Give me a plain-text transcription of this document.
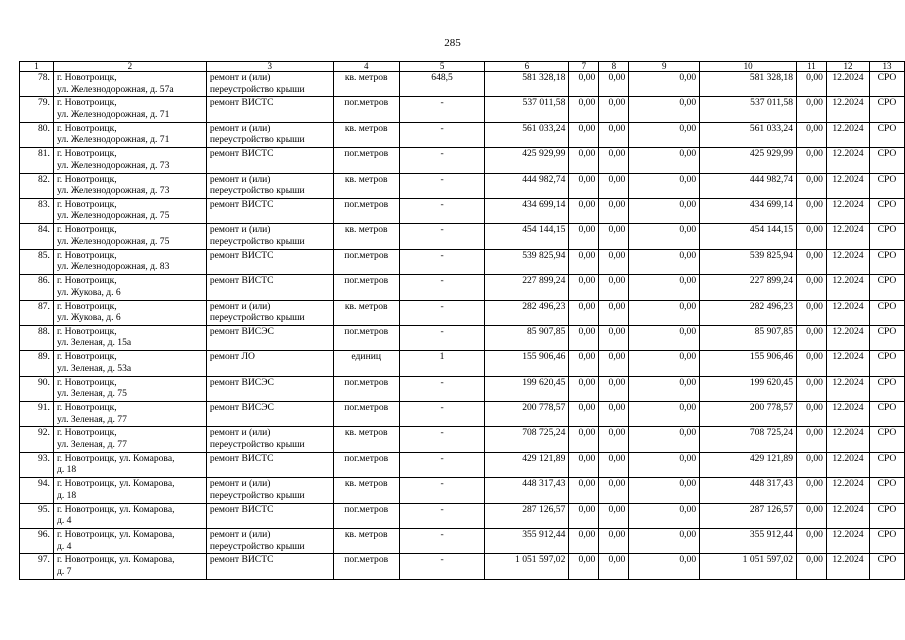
285
1	2	3	4	5	6	7	8	9	10	11	12	13
78.	г. Новотроицк,
ул. Железнодорожная, д. 57а	ремонт и (или)
переустройство крыши	кв. метров	648,5	581 328,18	0,00	0,00	0,00	581 328,18	0,00	12.2024	СРО
79.	г. Новотроицк,
ул. Железнодорожная, д. 71	ремонт ВИСТС	пог.метров	-	537 011,58	0,00	0,00	0,00	537 011,58	0,00	12.2024	СРО
80.	г. Новотроицк,
ул. Железнодорожная, д. 71	ремонт и (или)
переустройство крыши	кв. метров	-	561 033,24	0,00	0,00	0,00	561 033,24	0,00	12.2024	СРО
81.	г. Новотроицк,
ул. Железнодорожная, д. 73	ремонт ВИСТС	пог.метров	-	425 929,99	0,00	0,00	0,00	425 929,99	0,00	12.2024	СРО
82.	г. Новотроицк,
ул. Железнодорожная, д. 73	ремонт и (или)
переустройство крыши	кв. метров	-	444 982,74	0,00	0,00	0,00	444 982,74	0,00	12.2024	СРО
83.	г. Новотроицк,
ул. Железнодорожная, д. 75	ремонт ВИСТС	пог.метров	-	434 699,14	0,00	0,00	0,00	434 699,14	0,00	12.2024	СРО
84.	г. Новотроицк,
ул. Железнодорожная, д. 75	ремонт и (или)
переустройство крыши	кв. метров	-	454 144,15	0,00	0,00	0,00	454 144,15	0,00	12.2024	СРО
85.	г. Новотроицк,
ул. Железнодорожная, д. 83	ремонт ВИСТС	пог.метров	-	539 825,94	0,00	0,00	0,00	539 825,94	0,00	12.2024	СРО
86.	г. Новотроицк,
ул. Жукова, д. 6	ремонт ВИСТС	пог.метров	-	227 899,24	0,00	0,00	0,00	227 899,24	0,00	12.2024	СРО
87.	г. Новотроицк,
ул. Жукова, д. 6	ремонт и (или)
переустройство крыши	кв. метров	-	282 496,23	0,00	0,00	0,00	282 496,23	0,00	12.2024	СРО
88.	г. Новотроицк,
ул. Зеленая, д. 15а	ремонт ВИСЭС	пог.метров	-	85 907,85	0,00	0,00	0,00	85 907,85	0,00	12.2024	СРО
89.	г. Новотроицк,
ул. Зеленая, д. 53а	ремонт ЛО	единиц	1	155 906,46	0,00	0,00	0,00	155 906,46	0,00	12.2024	СРО
90.	г. Новотроицк,
ул. Зеленая, д. 75	ремонт ВИСЭС	пог.метров	-	199 620,45	0,00	0,00	0,00	199 620,45	0,00	12.2024	СРО
91.	г. Новотроицк,
ул. Зеленая, д. 77	ремонт ВИСЭС	пог.метров	-	200 778,57	0,00	0,00	0,00	200 778,57	0,00	12.2024	СРО
92.	г. Новотроицк,
ул. Зеленая, д. 77	ремонт и (или)
переустройство крыши	кв. метров	-	708 725,24	0,00	0,00	0,00	708 725,24	0,00	12.2024	СРО
93.	г. Новотроицк, ул. Комарова,
д. 18	ремонт ВИСТС	пог.метров	-	429 121,89	0,00	0,00	0,00	429 121,89	0,00	12.2024	СРО
94.	г. Новотроицк, ул. Комарова,
д. 18	ремонт и (или)
переустройство крыши	кв. метров	-	448 317,43	0,00	0,00	0,00	448 317,43	0,00	12.2024	СРО
95.	г. Новотроицк, ул. Комарова,
д. 4	ремонт ВИСТС	пог.метров	-	287 126,57	0,00	0,00	0,00	287 126,57	0,00	12.2024	СРО
96.	г. Новотроицк, ул. Комарова,
д. 4	ремонт и (или)
переустройство крыши	кв. метров	-	355 912,44	0,00	0,00	0,00	355 912,44	0,00	12.2024	СРО
97.	г. Новотроицк, ул. Комарова,
д. 7	ремонт ВИСТС	пог.метров	-	1 051 597,02	0,00	0,00	0,00	1 051 597,02	0,00	12.2024	СРО
